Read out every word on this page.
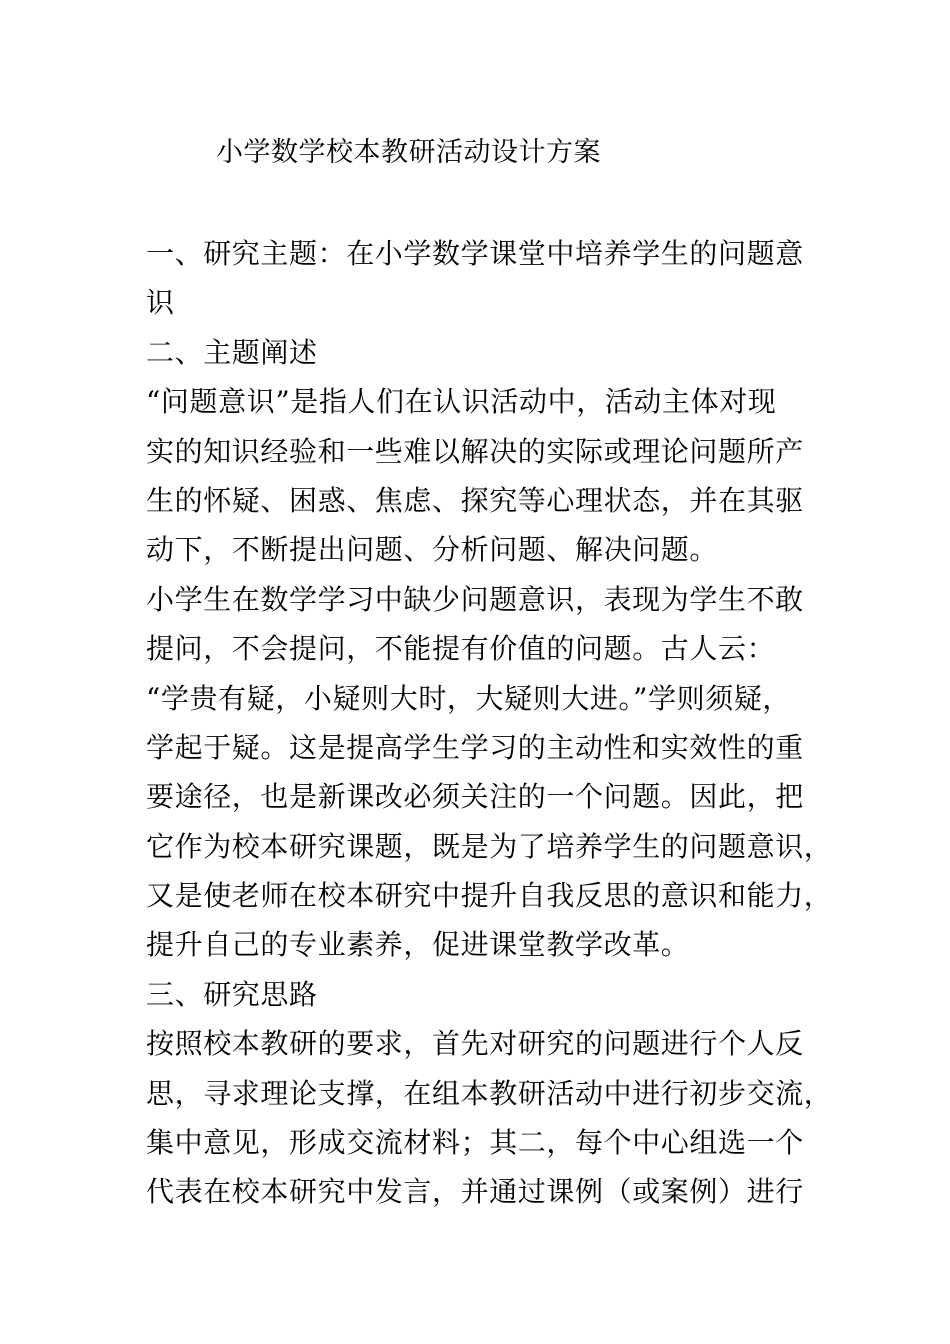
小学数学校本教研活动设计方案
一、研究主题：在小学数学课堂中培养学生的问题意
识
二、主题阐述
“问题意识”是指人们在认识活动中，活动主体对现
实的知识经验和一些难以解决的实际或理论问题所产
生的怀疑、困惑、焦虑、探究等心理状态，并在其驱
动下，不断提出问题、分析问题、解决问题。
小学生在数学学习中缺少问题意识，表现为学生不敢
提问，不会提问，不能提有价值的问题。古人云：
“学贵有疑，小疑则大时，大疑则大进。”学则须疑，
学起于疑。这是提高学生学习的主动性和实效性的重
要途径，也是新课改必须关注的一个问题。因此，把
它作为校本研究课题，既是为了培养学生的问题意识，
又是使老师在校本研究中提升自我反思的意识和能力，
提升自己的专业素养，促进课堂教学改革。
三、研究思路
按照校本教研的要求，首先对研究的问题进行个人反
思，寻求理论支撑，在组本教研活动中进行初步交流，
集中意见，形成交流材料；其二，每个中心组选一个
代表在校本研究中发言，并通过课例（或案例）进行
